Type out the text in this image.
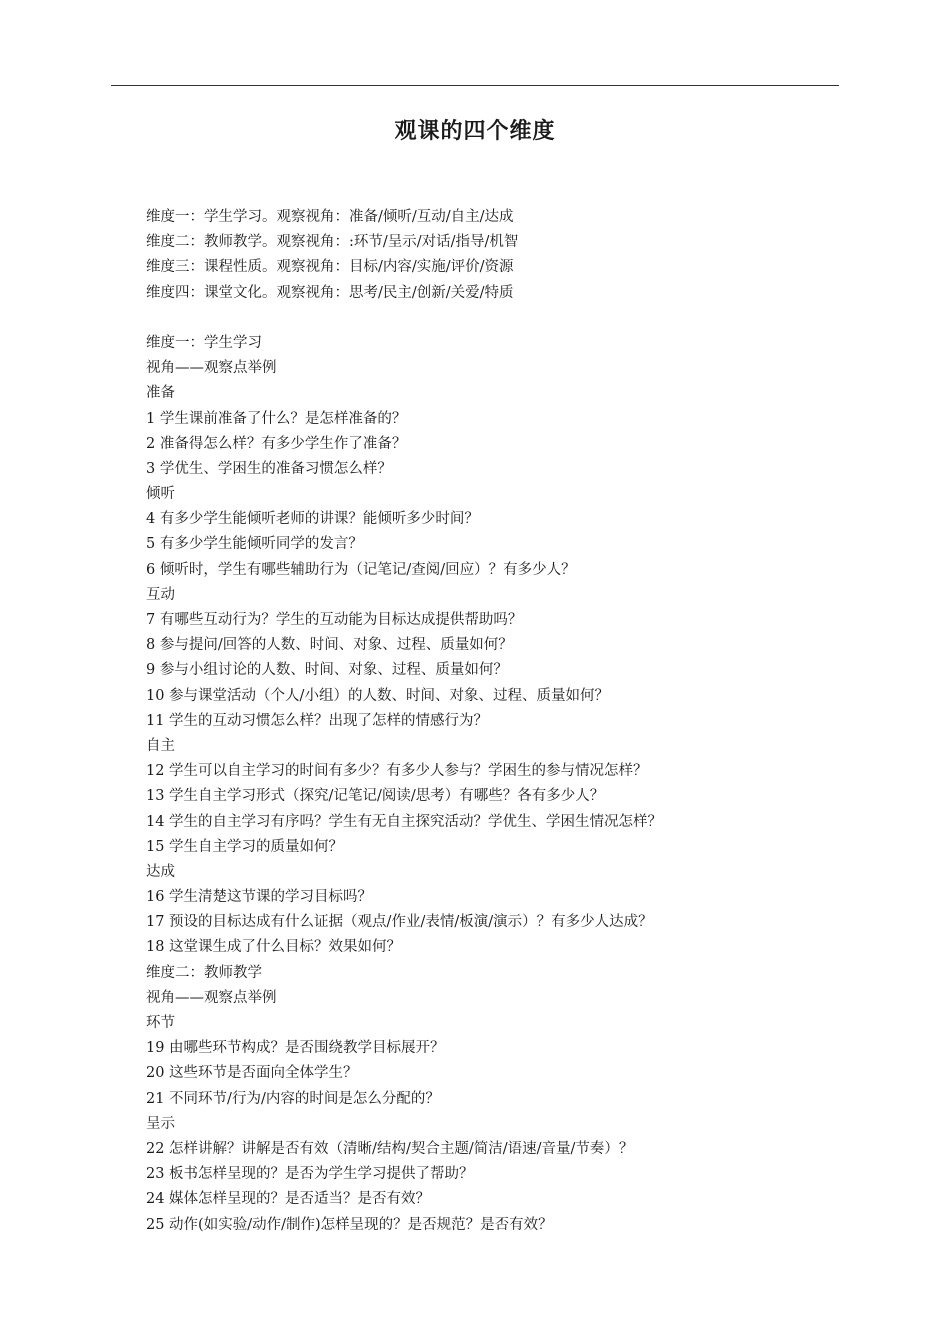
观课的四个维度
维度一：学生学习。观察视角：准备/倾听/互动/自主/达成
维度二：教师教学。观察视角：:环节/呈示/对话/指导/机智
维度三：课程性质。观察视角：目标/内容/实施/评价/资源
维度四：课堂文化。观察视角：思考/民主/创新/关爱/特质
维度一：学生学习
视角——观察点举例
准备
1 学生课前准备了什么？是怎样准备的？
2 准备得怎么样？有多少学生作了准备？
3 学优生、学困生的准备习惯怎么样？
倾听
4 有多少学生能倾听老师的讲课？能倾听多少时间？
5 有多少学生能倾听同学的发言？
6 倾听时，学生有哪些辅助行为（记笔记/查阅/回应）？有多少人？
互动
7 有哪些互动行为？学生的互动能为目标达成提供帮助吗？
8 参与提问/回答的人数、时间、对象、过程、质量如何？
9 参与小组讨论的人数、时间、对象、过程、质量如何？
10 参与课堂活动（个人/小组）的人数、时间、对象、过程、质量如何？
11 学生的互动习惯怎么样？出现了怎样的情感行为？
自主
12 学生可以自主学习的时间有多少？有多少人参与？学困生的参与情况怎样？
13 学生自主学习形式（探究/记笔记/阅读/思考）有哪些？各有多少人？
14 学生的自主学习有序吗？学生有无自主探究活动？学优生、学困生情况怎样？
15 学生自主学习的质量如何？
达成
16 学生清楚这节课的学习目标吗？
17 预设的目标达成有什么证据（观点/作业/表情/板演/演示）？有多少人达成？
18 这堂课生成了什么目标？效果如何？
维度二：教师教学
视角——观察点举例
环节
19 由哪些环节构成？是否围绕教学目标展开？
20 这些环节是否面向全体学生？
21 不同环节/行为/内容的时间是怎么分配的？
呈示
22 怎样讲解？讲解是否有效（清晰/结构/契合主题/简洁/语速/音量/节奏）？
23 板书怎样呈现的？是否为学生学习提供了帮助？
24 媒体怎样呈现的？是否适当？是否有效？
25 动作(如实验/动作/制作)怎样呈现的？是否规范？是否有效？
